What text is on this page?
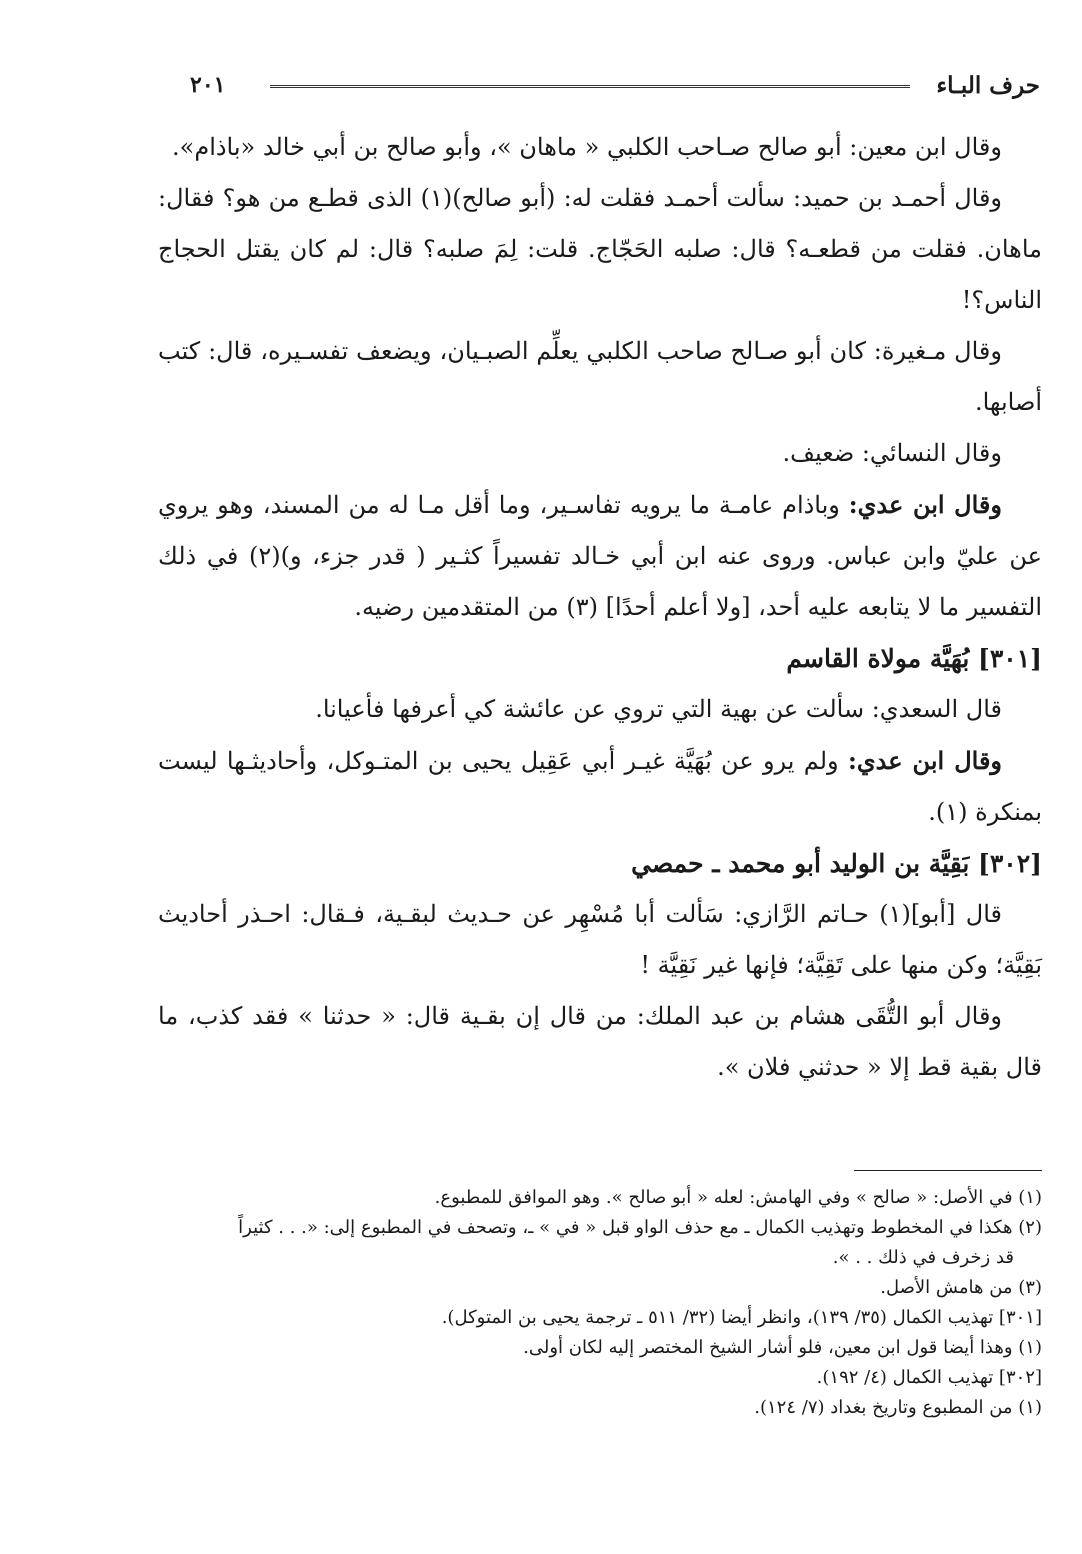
حرف البـاء
٢٠١

وقال ابن معين: أبو صالح صـاحب الكلبي « ماهان »، وأبو صالح بن أبي خالد «باذام».

وقال أحمـد بن حميد: سألت أحمـد فقلت له: (أبو صالح)(١) الذى قطـع من هو؟ فقال: ماهان. فقلت من قطعـه؟ قال: صلبه الحَجّاج. قلت: لِمَ صلبه؟ قال: لم كان يقتل الحجاج الناس؟!

وقال مـغيرة: كان أبو صـالح صاحب الكلبي يعلِّم الصبـيان، ويضعف تفسـيره، قال: كتب أصابها.

وقال النسائي: ضعيف.

وقال ابن عدي: وباذام عامـة ما يرويه تفاسـير، وما أقل مـا له من المسند، وهو يروي عن عليّ وابن عباس. وروى عنه ابن أبي خـالد تفسيراً كثـير ( قدر جزء، و)(٢) في ذلك التفسير ما لا يتابعه عليه أحد، [ولا أعلم أحدًا] (٣) من المتقدمين رضيه.

[٣٠١] بُهَيَّة مولاة القاسم

قال السعدي: سألت عن بهية التي تروي عن عائشة كي أعرفها فأعيانا.

وقال ابن عدي: ولم يرو عن بُهَيَّة غيـر أبي عَقِيل يحيى بن المتـوكل، وأحاديثـها ليست بمنكرة (١).

[٣٠٢] بَقِيَّة بن الوليد أبو محمد ـ حمصي

قال [أبو](١) حـاتم الرَّازي: سَألت أبا مُسْهِر عن حـديث لبقـية، فـقال: احـذر أحاديث بَقِيَّة؛ وكن منها على تَقِيَّة؛ فإنها غير نَقِيَّة !

وقال أبو التُّقَى هشام بن عبد الملك: من قال إن بقـية قال: « حدثنا » فقد كذب، ما قال بقية قط إلا « حدثني فلان ».

(١) في الأصل: « صالح » وفي الهامش: لعله « أبو صالح ». وهو الموافق للمطبوع.

(٢) هكذا في المخطوط وتهذيب الكمال ـ مع حذف الواو قبل « في » ـ، وتصحف في المطبوع إلى: «. . . كثيراً

قد زخرف في ذلك . . ».

(٣) من هامش الأصل.

[٣٠١] تهذيب الكمال (٣٥/ ١٣٩)، وانظر أيضا (٣٢/ ٥١١ ـ ترجمة يحيى بن المتوكل).

(١) وهذا أيضا قول ابن معين، فلو أشار الشيخ المختصر إليه لكان أولى.

[٣٠٢] تهذيب الكمال (٤/ ١٩٢).

(١) من المطبوع وتاريخ بغداد (٧/ ١٢٤).
